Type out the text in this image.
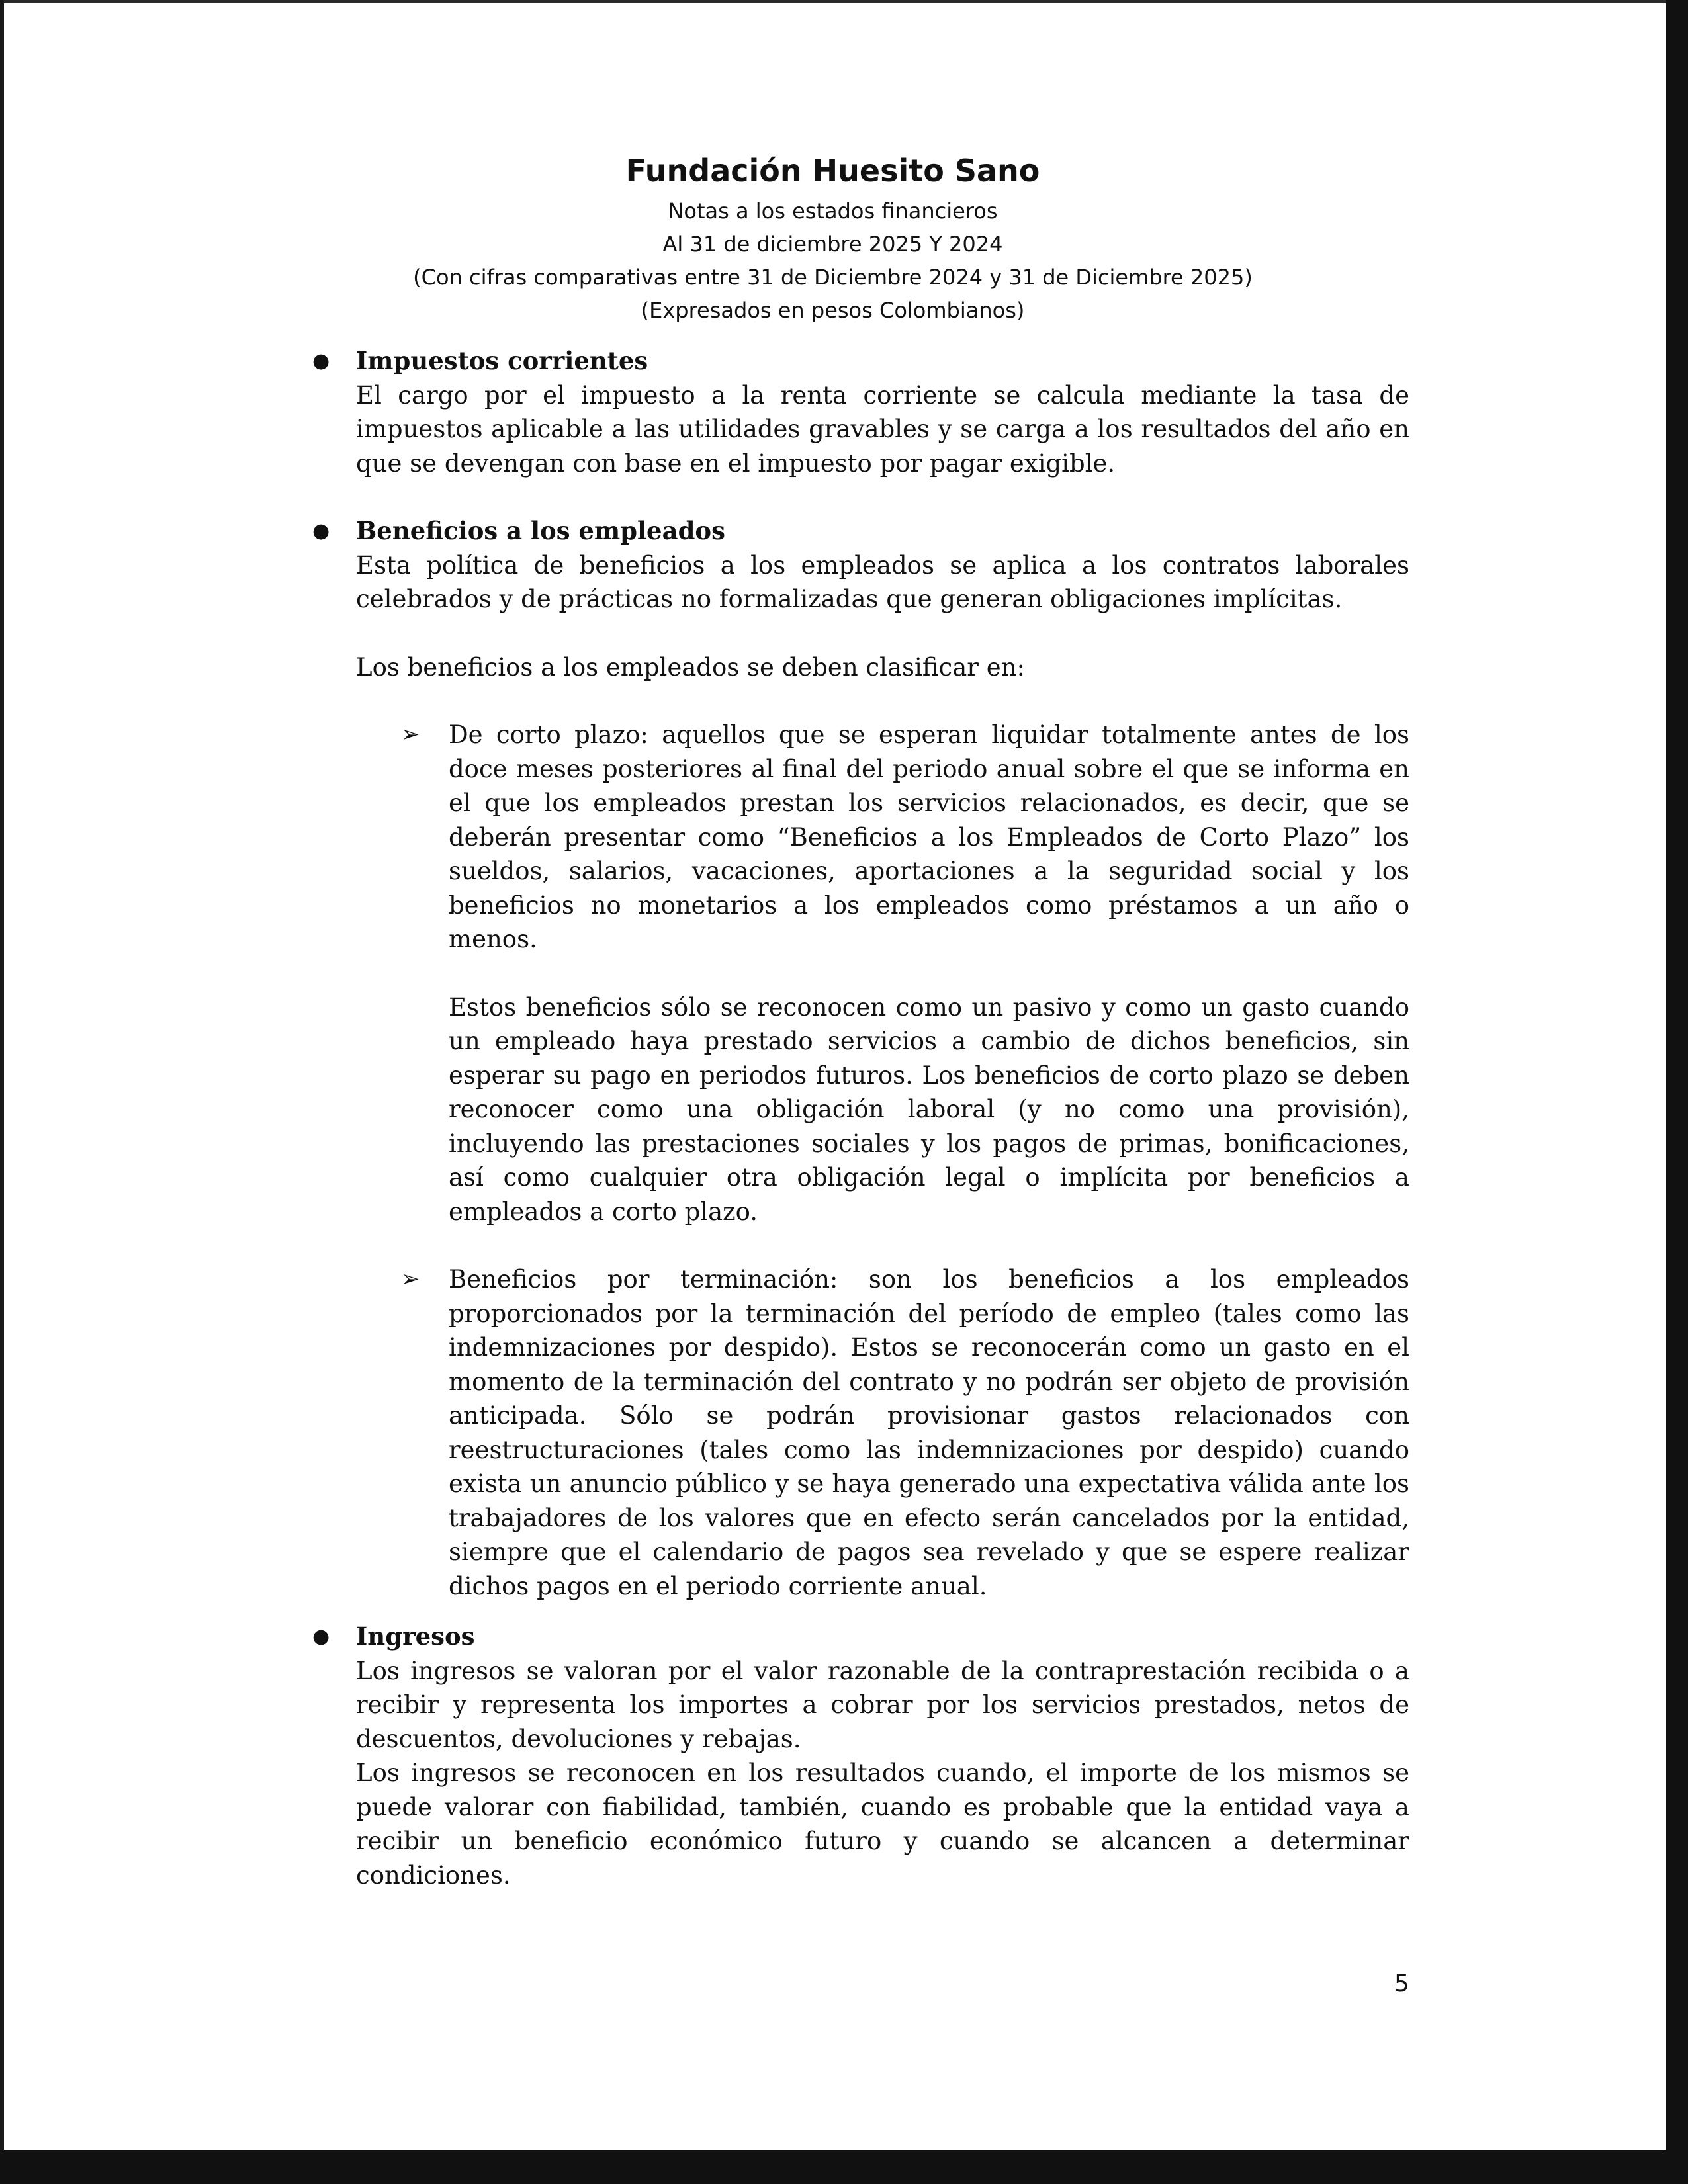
Fundación Huesito Sano
Notas a los estados financieros
Al 31 de diciembre 2025 Y 2024
(Con cifras comparativas entre 31 de Diciembre 2024 y 31 de Diciembre 2025)
(Expresados en pesos Colombianos)
● Impuestos corrientes

El cargo por el impuesto a la renta corriente se calcula mediante la tasa de impuestos aplicable a las utilidades gravables y se carga a los resultados del año en que se devengan con base en el impuesto por pagar exigible.

● Beneficios a los empleados

Esta política de beneficios a los empleados se aplica a los contratos laborales celebrados y de prácticas no formalizadas que generan obligaciones implícitas.

Los beneficios a los empleados se deben clasificar en:

➢ De corto plazo: aquellos que se esperan liquidar totalmente antes de los doce meses posteriores al final del periodo anual sobre el que se informa en el que los empleados prestan los servicios relacionados, es decir, que se deberán presentar como “Beneficios a los Empleados de Corto Plazo” los sueldos, salarios, vacaciones, aportaciones a la seguridad social y los beneficios no monetarios a los empleados como préstamos a un año o menos.

Estos beneficios sólo se reconocen como un pasivo y como un gasto cuando un empleado haya prestado servicios a cambio de dichos beneficios, sin esperar su pago en periodos futuros. Los beneficios de corto plazo se deben reconocer como una obligación laboral (y no como una provisión), incluyendo las prestaciones sociales y los pagos de primas, bonificaciones, así como cualquier otra obligación legal o implícita por beneficios a empleados a corto plazo.

➢ Beneficios por terminación: son los beneficios a los empleados proporcionados por la terminación del período de empleo (tales como las indemnizaciones por despido). Estos se reconocerán como un gasto en el momento de la terminación del contrato y no podrán ser objeto de provisión anticipada. Sólo se podrán provisionar gastos relacionados con reestructuraciones (tales como las indemnizaciones por despido) cuando exista un anuncio público y se haya generado una expectativa válida ante los trabajadores de los valores que en efecto serán cancelados por la entidad, siempre que el calendario de pagos sea revelado y que se espere realizar dichos pagos en el periodo corriente anual.

● Ingresos

Los ingresos se valoran por el valor razonable de la contraprestación recibida o a recibir y representa los importes a cobrar por los servicios prestados, netos de descuentos, devoluciones y rebajas.

Los ingresos se reconocen en los resultados cuando, el importe de los mismos se puede valorar con fiabilidad, también, cuando es probable que la entidad vaya a recibir un beneficio económico futuro y cuando se alcancen a determinar condiciones.

5
